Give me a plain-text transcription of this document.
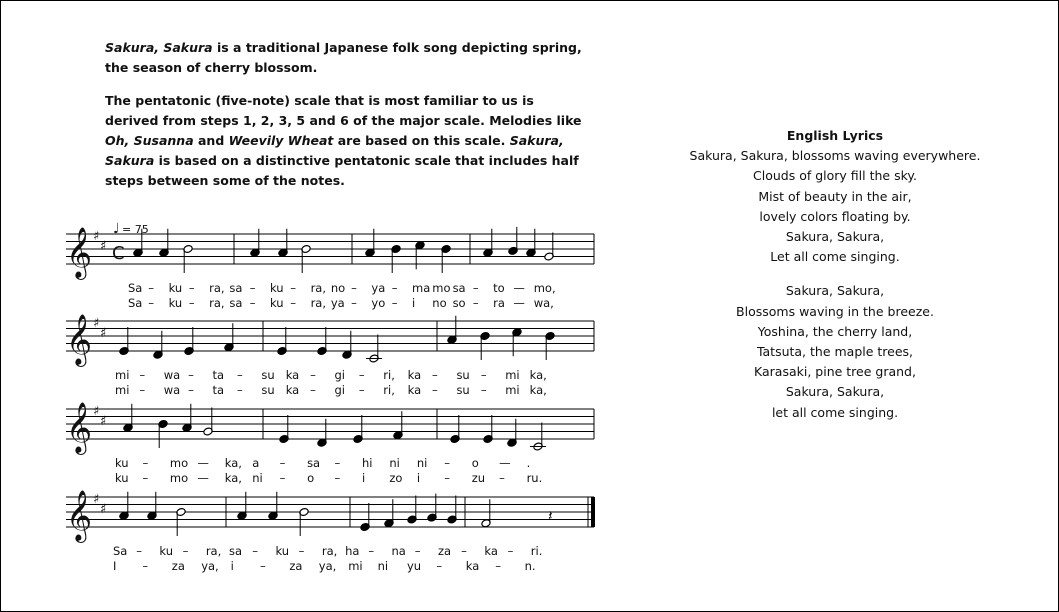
Sakura, Sakura is a traditional Japanese folk song depicting spring, the season of cherry blossom.

The pentatonic (five-note) scale that is most familiar to us is derived from steps 1, 2, 3, 5 and 6 of the major scale. Melodies like Oh, Susanna and Weevily Wheat are based on this scale. Sakura, Sakura is based on a distinctive pentatonic scale that includes half steps between some of the notes.

𝄞 ♯
♯ C
♩ = 75
Sa – ku – ra, sa – ku – ra, no – ya – ma mo sa – to — mo,
Sa – ku – ra, sa – ku – ra, ya – yo – i no so – ra — wa,
𝄞 ♯
♯
mi – wa – ta – su ka – gi – ri, ka – su – mi ka,
mi – wa – ta – su ka – gi – ri, ka – su – mi ka,
𝄞 ♯
♯
ku – mo — ka, a – sa – hi ni ni – o — .
ku – mo — ka, ni – o – i zo i – zu – ru.
𝄞 ♯
♯	𝄽
Sa – ku – ra, sa – ku – ra, ha – na – za – ka – ri.
I – za ya, i – za ya, mi ni yu – ka – n.
English Lyrics
Sakura, Sakura, blossoms waving everywhere.
Clouds of glory fill the sky.
Mist of beauty in the air,
lovely colors floating by.
Sakura, Sakura,
Let all come singing.
Sakura, Sakura,
Blossoms waving in the breeze.
Yoshina, the cherry land,
Tatsuta, the maple trees,
Karasaki, pine tree grand,
Sakura, Sakura,
let all come singing.
